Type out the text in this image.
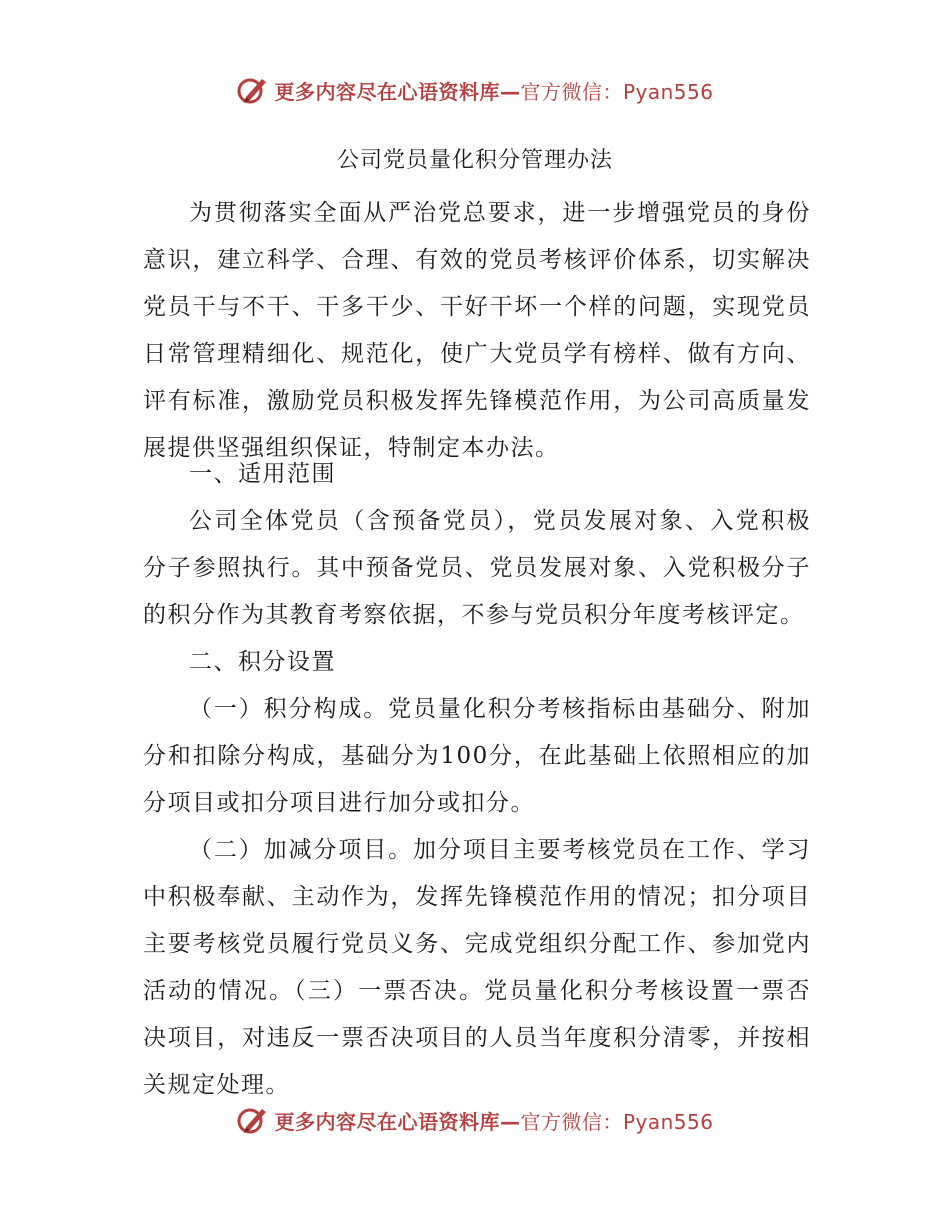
更多内容尽在心语资料库—官方微信：Pyan556
公司党员量化积分管理办法

为贯彻落实全面从严治党总要求，进一步增强党员的身份意识，建立科学、合理、有效的党员考核评价体系，切实解决党员干与不干、干多干少、干好干坏一个样的问题，实现党员日常管理精细化、规范化，使广大党员学有榜样、做有方向、评有标准，激励党员积极发挥先锋模范作用，为公司高质量发展提供坚强组织保证，特制定本办法。

一、适用范围

公司全体党员（含预备党员），党员发展对象、入党积极分子参照执行。其中预备党员、党员发展对象、入党积极分子的积分作为其教育考察依据，不参与党员积分年度考核评定。

二、积分设置

（一）积分构成。党员量化积分考核指标由基础分、附加分和扣除分构成，基础分为100分，在此基础上依照相应的加分项目或扣分项目进行加分或扣分。

（二）加减分项目。加分项目主要考核党员在工作、学习中积极奉献、主动作为，发挥先锋模范作用的情况；扣分项目主要考核党员履行党员义务、完成党组织分配工作、参加党内活动的情况。（三）一票否决。党员量化积分考核设置一票否决项目，对违反一票否决项目的人员当年度积分清零，并按相关规定处理。

更多内容尽在心语资料库—官方微信：Pyan556
